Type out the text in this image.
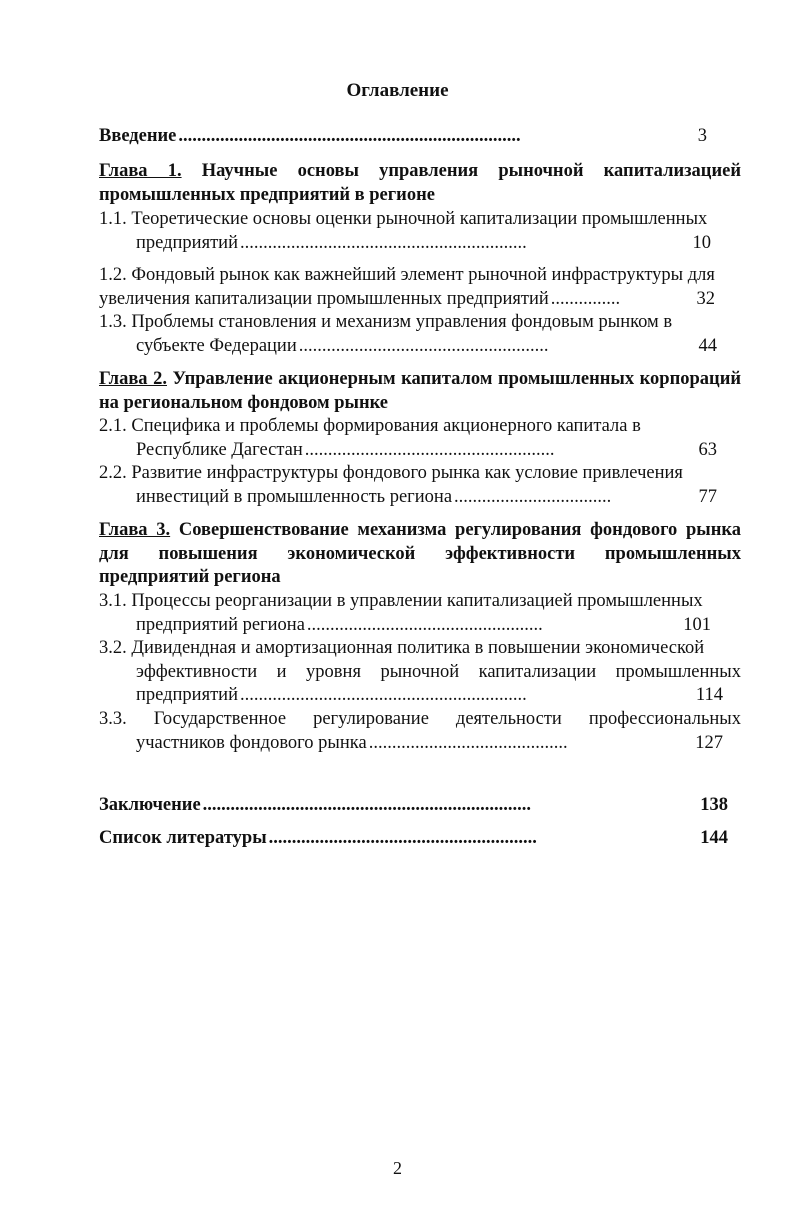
Оглавление
Введение ..........................................................................	3
Глава 1. Научные основы управления рыночной капитализацией промышленных предприятий в регионе
1.1. Теоретические основы оценки рыночной капитализации промышленных
предприятий ..............................................................	10
1.2. Фондовый рынок как важнейший элемент рыночной инфраструктуры для
увеличения капитализации промышленных предприятий ...............	32
1.3. Проблемы становления и механизм управления фондовым рынком в
субъекте Федерации ......................................................	44
Глава 2. Управление акционерным капиталом промышленных корпораций на региональном фондовом рынке
2.1. Специфика и проблемы формирования акционерного капитала в
Республике Дагестан ......................................................	63
2.2. Развитие инфраструктуры фондового рынка как условие привлечения
инвестиций в промышленность региона ..................................	77
Глава 3. Совершенствование механизма регулирования фондового рынка для повышения экономической эффективности промышленных предприятий региона
3.1. Процессы реорганизации в управлении капитализацией промышленных
предприятий региона ...................................................	101
3.2. Дивидендная и амортизационная политика в повышении экономической
эффективности и уровня рыночной капитализации промышленных
предприятий ..............................................................	114
3.3. Государственное регулирование деятельности профессиональных
участников фондового рынка ...........................................	127
Заключение .......................................................................	138
Список литературы ..........................................................	144
2
